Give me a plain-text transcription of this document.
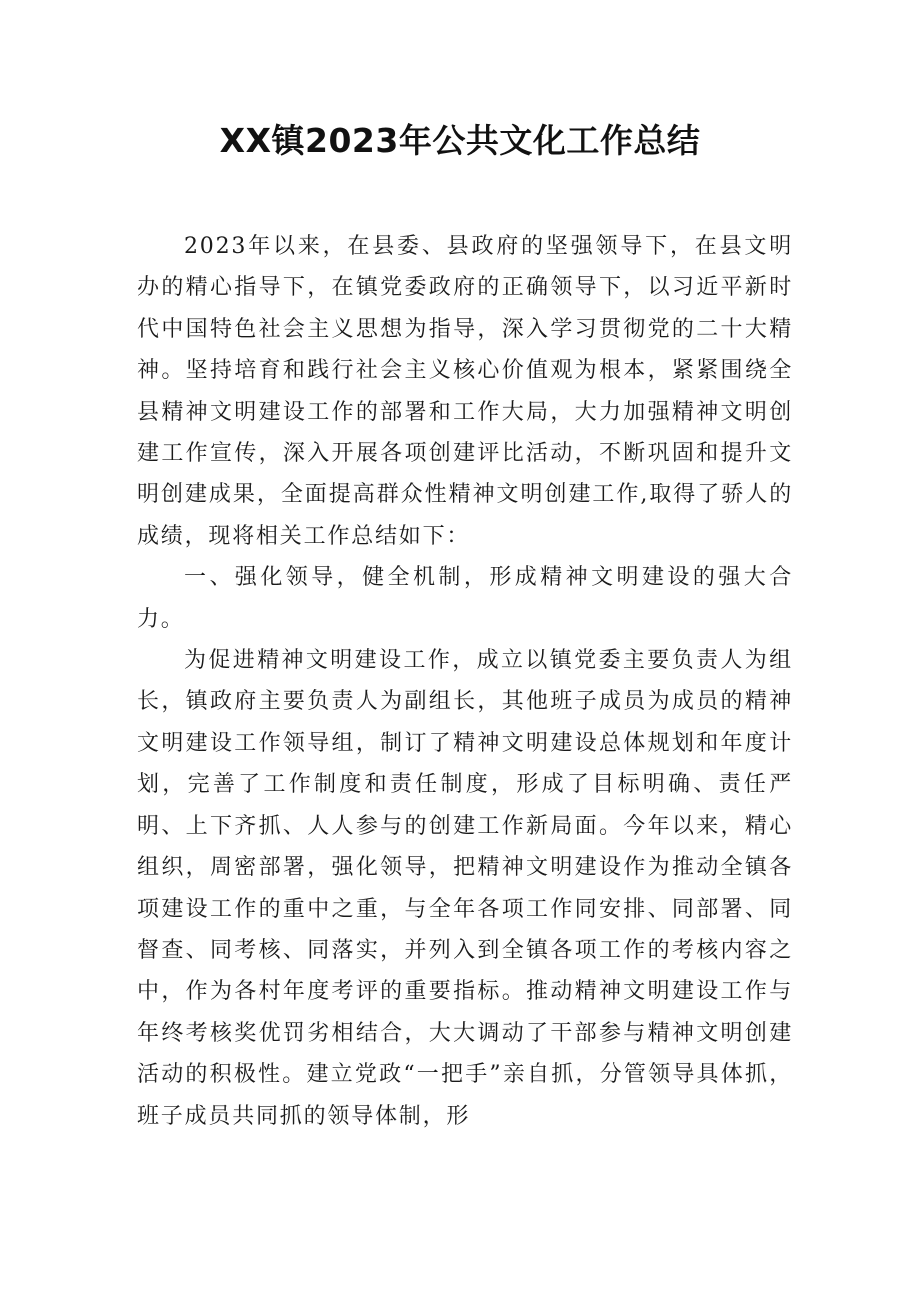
XX镇2023年公共文化工作总结

2023年以来，在县委、县政府的坚强领导下，在县文明办的精心指导下，在镇党委政府的正确领导下，以习近平新时代中国特色社会主义思想为指导，深入学习贯彻党的二十大精神。坚持培育和践行社会主义核心价值观为根本，紧紧围绕全县精神文明建设工作的部署和工作大局，大力加强精神文明创建工作宣传，深入开展各项创建评比活动，不断巩固和提升文明创建成果，全面提高群众性精神文明创建工作,取得了骄人的成绩，现将相关工作总结如下：

一、强化领导，健全机制，形成精神文明建设的强大合力。

为促进精神文明建设工作，成立以镇党委主要负责人为组长，镇政府主要负责人为副组长，其他班子成员为成员的精神文明建设工作领导组，制订了精神文明建设总体规划和年度计划，完善了工作制度和责任制度，形成了目标明确、责任严明、上下齐抓、人人参与的创建工作新局面。今年以来，精心组织，周密部署，强化领导，把精神文明建设作为推动全镇各项建设工作的重中之重，与全年各项工作同安排、同部署、同督查、同考核、同落实，并列入到全镇各项工作的考核内容之中，作为各村年度考评的重要指标。推动精神文明建设工作与年终考核奖优罚劣相结合，大大调动了干部参与精神文明创建活动的积极性。建立党政“一把手”亲自抓，分管领导具体抓，班子成员共同抓的领导体制，形
